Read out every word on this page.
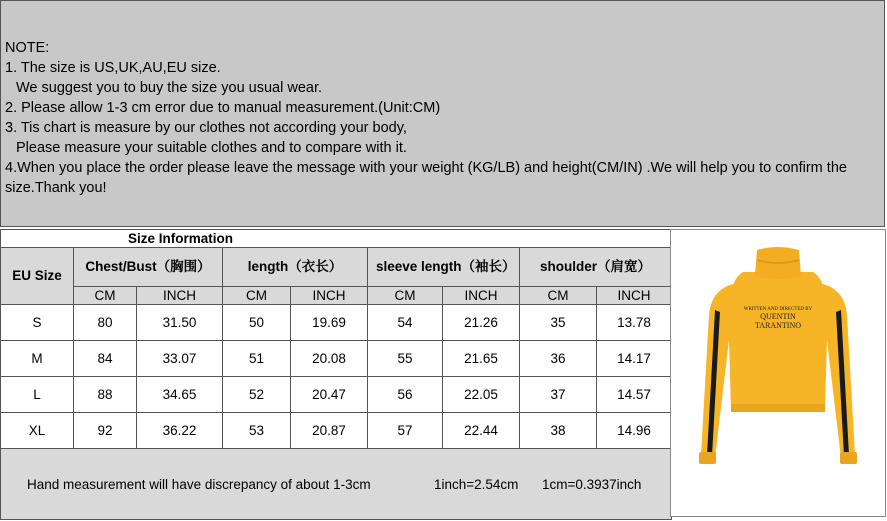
NOTE:
1. The size is US,UK,AU,EU size.
We suggest you to buy the size you usual wear.
2. Please allow 1-3 cm error due to manual measurement.(Unit:CM)
3. Tis chart is measure by our clothes not according your body,
Please measure your suitable clothes and to compare with it.
4.When you place the order please leave the message with your weight (KG/LB) and height(CM/IN) .We will help you to confirm the size.Thank you!
Size Information								
EU Size	Chest/Bust（胸围）		length（衣长）		sleeve length（袖长）		shoulder（肩宽）	
	CM	INCH	CM	INCH	CM	INCH	CM	INCH
S	80	31.50	50	19.69	54	21.26	35	13.78
M	84	33.07	51	20.08	55	21.65	36	14.17
L	88	34.65	52	20.47	56	22.05	37	14.57
XL	92	36.22	53	20.87	57	22.44	38	14.96

Hand measurement will have discrepancy of about 1-3cm 1inch=2.54cm 1cm=0.3937inch								
WRITTEN AND DIRECTED BY
QUENTIN
TARANTINO
